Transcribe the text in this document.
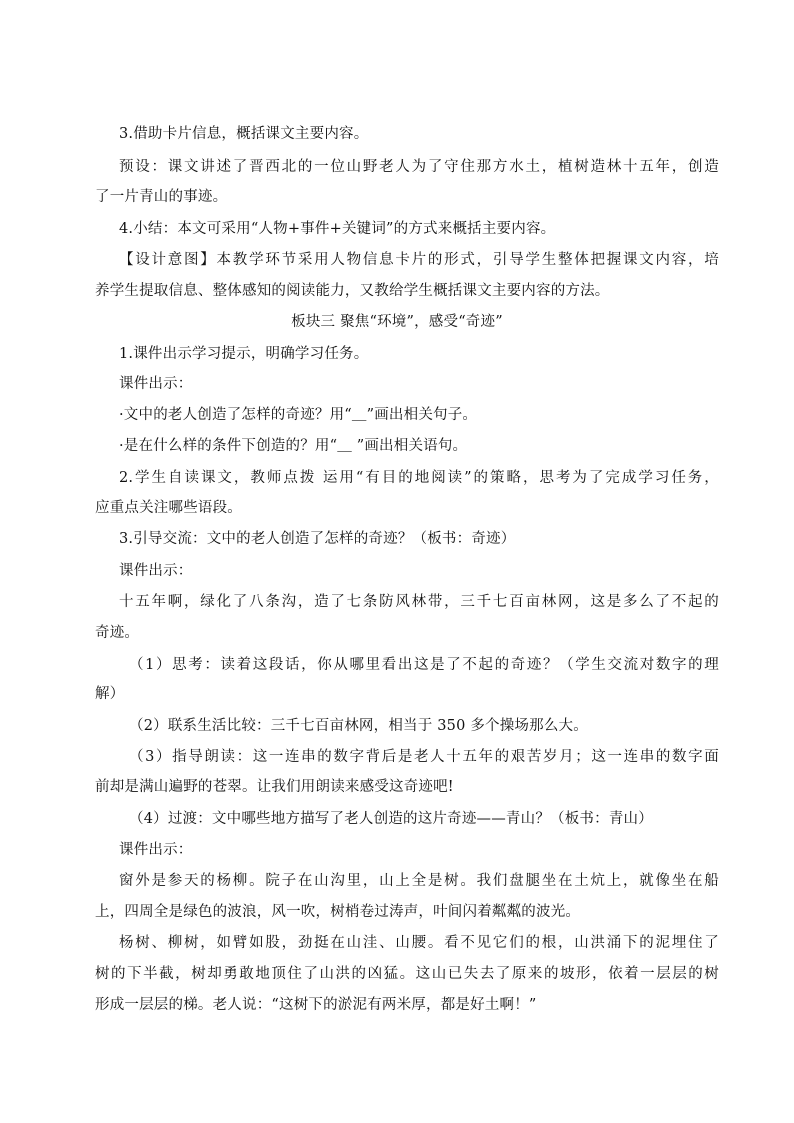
3.借助卡片信息，概括课文主要内容。
预设：课文讲述了晋西北的一位山野老人为了守住那方水土，植树造林十五年，创造
了一片青山的事迹。
4.小结：本文可采用“人物+事件+关键词”的方式来概括主要内容。
【设计意图】本教学环节采用人物信息卡片的形式，引导学生整体把握课文内容，培
养学生提取信息、整体感知的阅读能力，又教给学生概括课文主要内容的方法。
板块三 聚焦“环境”，感受“奇迹”
1.课件出示学习提示，明确学习任务。
课件出示：
·文中的老人创造了怎样的奇迹？用“＿”画出相关句子。
·是在什么样的条件下创造的？用“＿ ”画出相关语句。
2.学生自读课文，教师点拨 运用“有目的地阅读”的策略，思考为了完成学习任务，
应重点关注哪些语段。
3.引导交流：文中的老人创造了怎样的奇迹？（板书：奇迹）
课件出示：
十五年啊，绿化了八条沟，造了七条防风林带，三千七百亩林网，这是多么了不起的
奇迹。
（1）思考：读着这段话，你从哪里看出这是了不起的奇迹？（学生交流对数字的理
解）
（2）联系生活比较：三千七百亩林网，相当于 350 多个操场那么大。
（3）指导朗读：这一连串的数字背后是老人十五年的艰苦岁月；这一连串的数字面
前却是满山遍野的苍翠。让我们用朗读来感受这奇迹吧!
（4）过渡：文中哪些地方描写了老人创造的这片奇迹——青山？（板书：青山）
课件出示：
窗外是参天的杨柳。院子在山沟里，山上全是树。我们盘腿坐在土炕上，就像坐在船
上，四周全是绿色的波浪，风一吹，树梢卷过涛声，叶间闪着粼粼的波光。
杨树、柳树，如臂如股，劲挺在山洼、山腰。看不见它们的根，山洪涌下的泥埋住了
树的下半截，树却勇敢地顶住了山洪的凶猛。这山已失去了原来的坡形，依着一层层的树
形成一层层的梯。老人说：“这树下的淤泥有两米厚，都是好土啊！”
